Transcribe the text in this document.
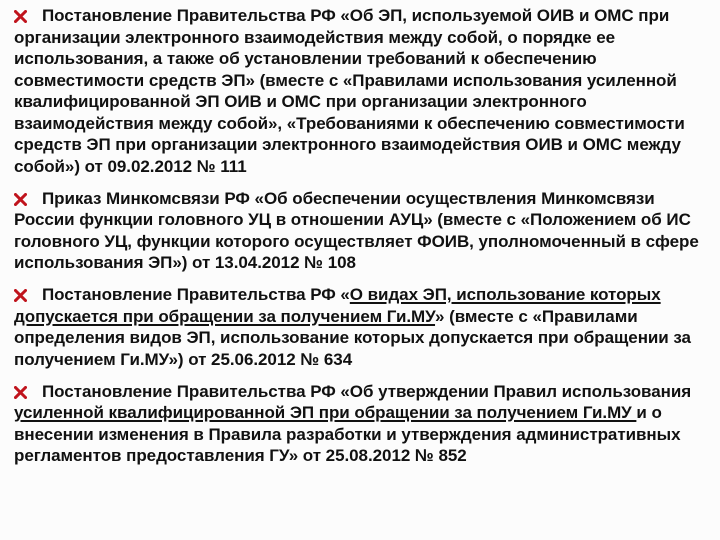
Постановление Правительства РФ «Об ЭП, используемой ОИВ и ОМС при организации электронного взаимодействия между собой, о порядке ее использования, а также об установлении требований к обеспечению совместимости средств ЭП» (вместе с «Правилами использования усиленной квалифицированной ЭП ОИВ и ОМС при организации электронного взаимодействия между собой», «Требованиями к обеспечению совместимости средств ЭП при организации электронного взаимодействия ОИВ и ОМС между собой») от 09.02.2012 № 111
Приказ Минкомсвязи РФ «Об обеспечении осуществления Минкомсвязи России функции головного УЦ в отношении АУЦ» (вместе с «Положением об ИС головного УЦ, функции которого осуществляет ФОИВ, уполномоченный в сфере использования ЭП») от 13.04.2012 № 108
Постановление Правительства РФ «О видах ЭП, использование которых допускается при обращении за получением Ги.МУ» (вместе с «Правилами определения видов ЭП, использование которых допускается при обращении за получением Ги.МУ») от 25.06.2012 № 634
Постановление Правительства РФ «Об утверждении Правил использования усиленной квалифицированной ЭП при обращении за получением Ги.МУ и о внесении изменения в Правила разработки и утверждения административных регламентов предоставления ГУ» от 25.08.2012 № 852
